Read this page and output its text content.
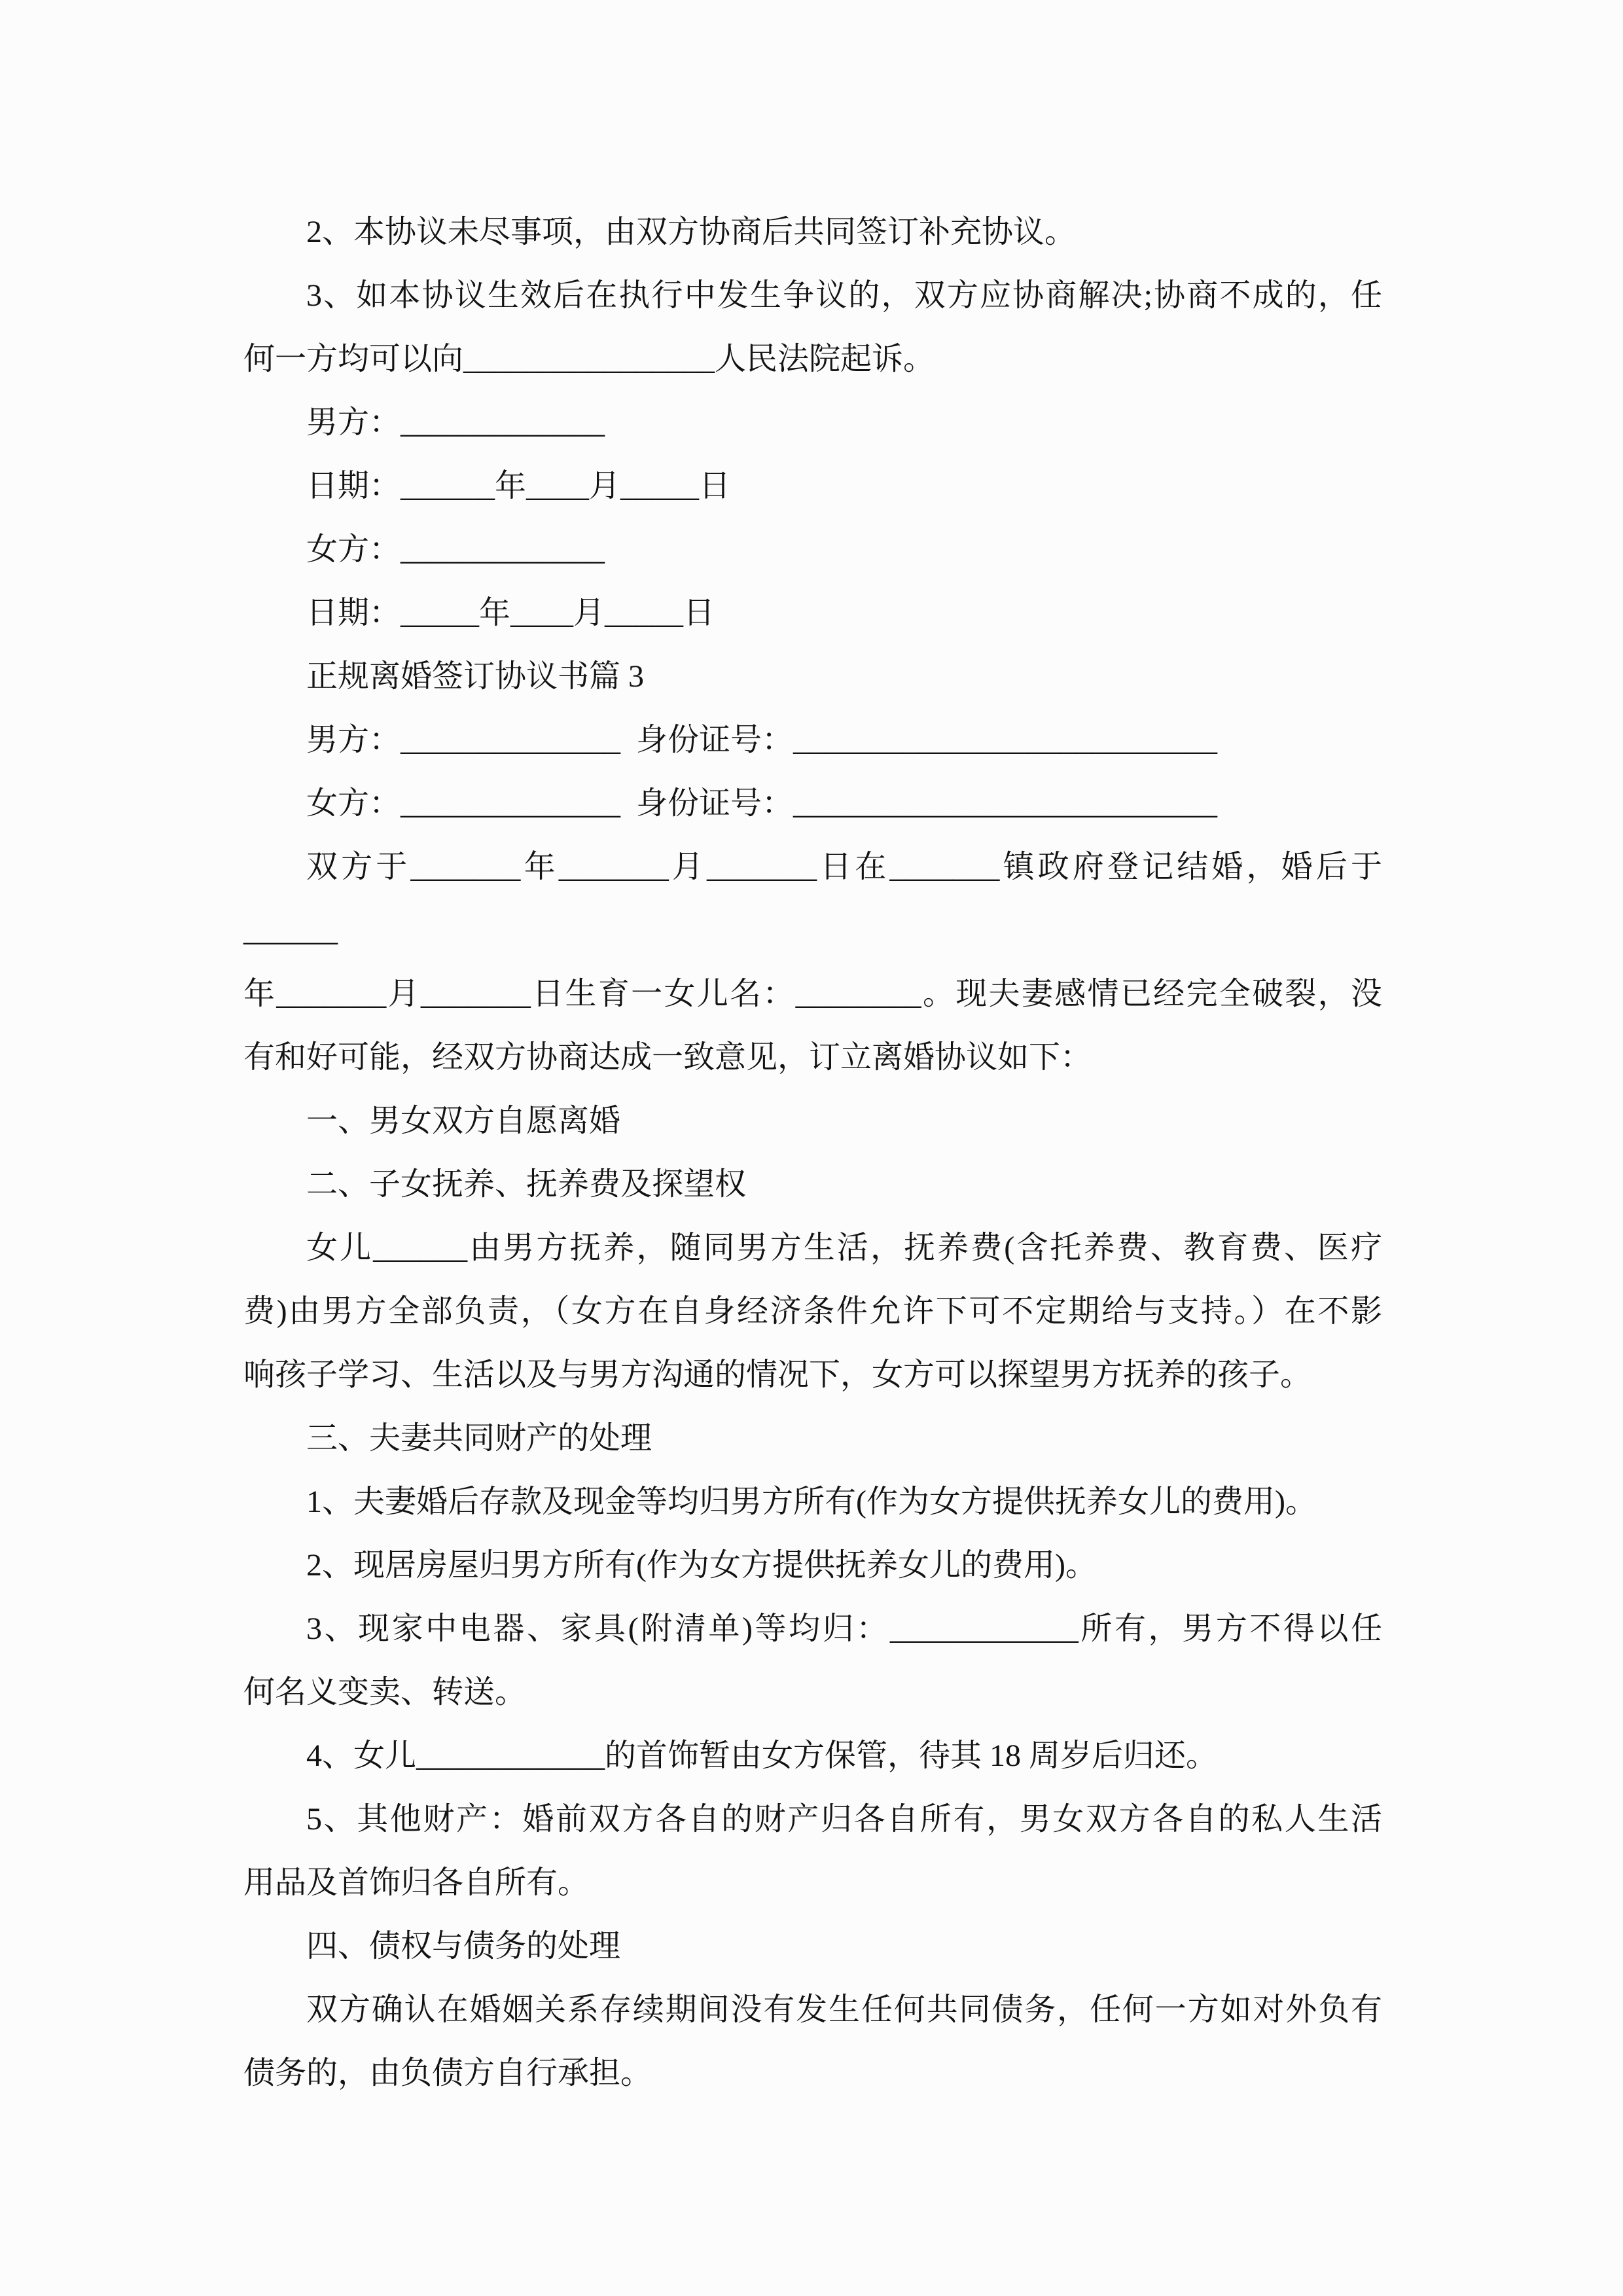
2、本协议未尽事项，由双方协商后共同签订补充协议。
3、如本协议生效后在执行中发生争议的，双方应协商解决;协商不成的，任
何一方均可以向________________人民法院起诉。
男方：_____________
日期：______年____月_____日
女方：_____________
日期：_____年____月_____日
正规离婚签订协议书篇 3
男方：______________  身份证号：___________________________
女方：______________  身份证号：___________________________
双方于_______年_______月_______日在_______镇政府登记结婚，婚后于______
年_______月_______日生育一女儿名：________。现夫妻感情已经完全破裂，没
有和好可能，经双方协商达成一致意见，订立离婚协议如下：
一、男女双方自愿离婚
二、子女抚养、抚养费及探望权
女儿______由男方抚养，随同男方生活，抚养费(含托养费、教育费、医疗
费)由男方全部负责，（女方在自身经济条件允许下可不定期给与支持。）在不影
响孩子学习、生活以及与男方沟通的情况下，女方可以探望男方抚养的孩子。
三、夫妻共同财产的处理
1、夫妻婚后存款及现金等均归男方所有(作为女方提供抚养女儿的费用)。
2、现居房屋归男方所有(作为女方提供抚养女儿的费用)。
3、现家中电器、家具(附清单)等均归：____________所有，男方不得以任
何名义变卖、转送。
4、女儿____________的首饰暂由女方保管，待其 18 周岁后归还。
5、其他财产：婚前双方各自的财产归各自所有，男女双方各自的私人生活
用品及首饰归各自所有。
四、债权与债务的处理
双方确认在婚姻关系存续期间没有发生任何共同债务，任何一方如对外负有
债务的，由负债方自行承担。
